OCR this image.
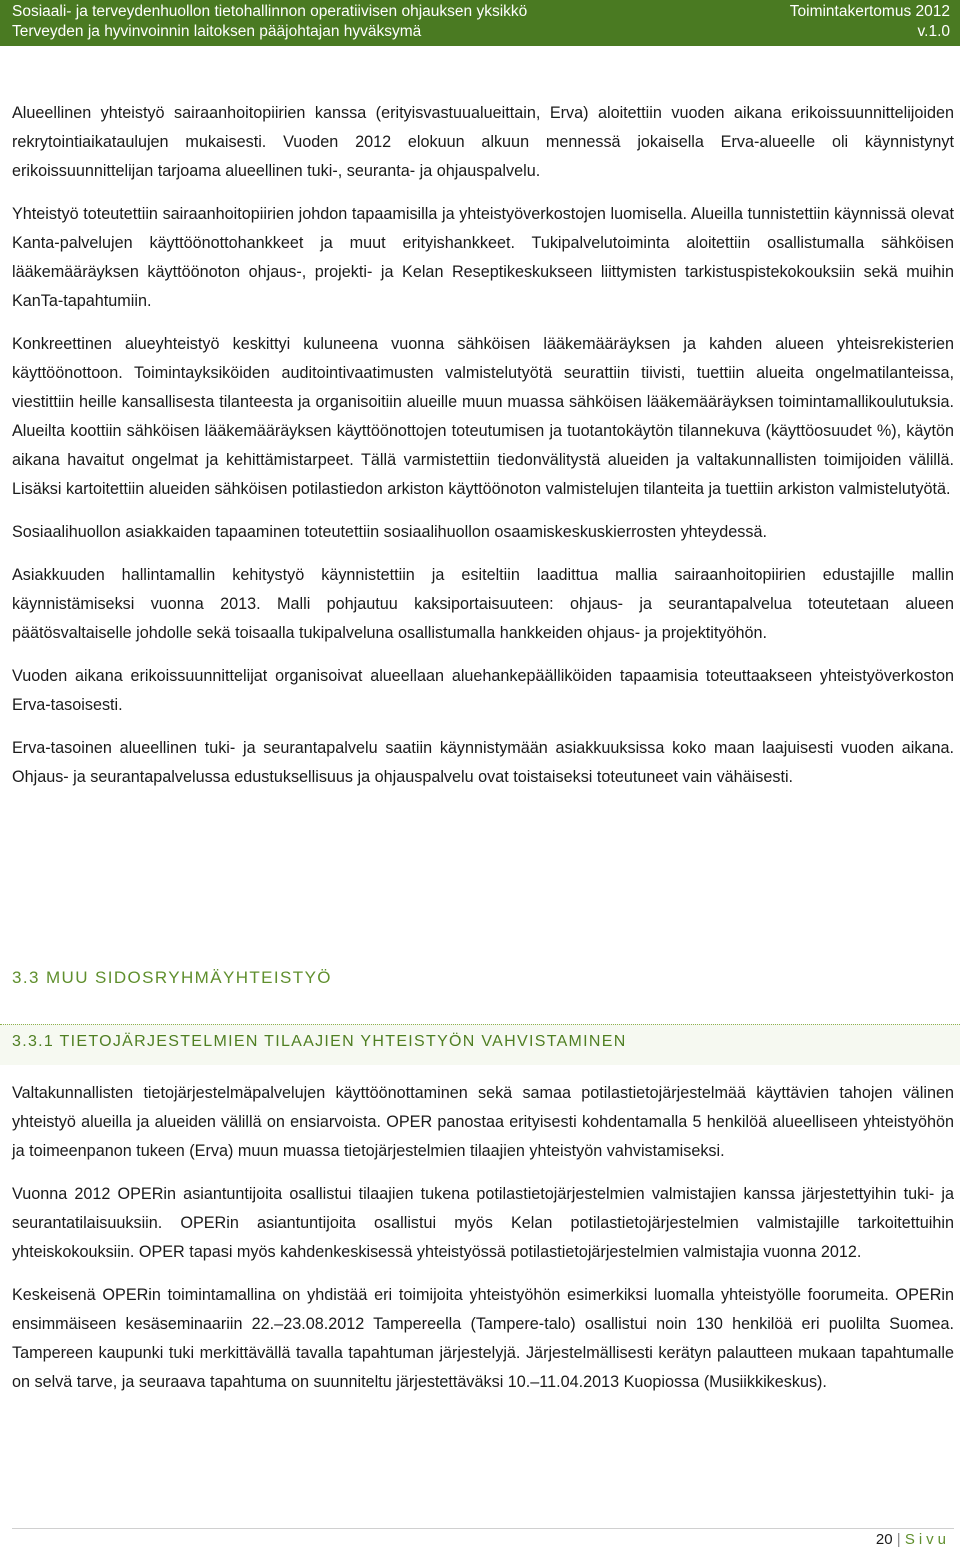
Sosiaali- ja terveydenhuollon tietohallinnon operatiivisen ohjauksen yksikkö
Terveyden ja hyvinvoinnin laitoksen pääjohtajan hyväksymä
Toimintakertomus 2012
v.1.0

Alueellinen yhteistyö sairaanhoitopiirien kanssa (erityisvastuualueittain, Erva) aloitettiin vuoden aikana erikoissuunnittelijoiden rekrytointiaikataulujen mukaisesti. Vuoden 2012 elokuun alkuun mennessä jokaisella Erva-alueelle oli käynnistynyt erikoissuunnittelijan tarjoama alueellinen tuki-, seuranta- ja ohjauspalvelu.

Yhteistyö toteutettiin sairaanhoitopiirien johdon tapaamisilla ja yhteistyöverkostojen luomisella. Alueilla tunnistettiin käynnissä olevat Kanta-palvelujen käyttöönottohankkeet ja muut erityishankkeet. Tukipalvelutoiminta aloitettiin osallistumalla sähköisen lääkemääräyksen käyttöönoton ohjaus-, projekti- ja Kelan Reseptikeskukseen liittymisten tarkistuspistekokouksiin sekä muihin KanTa-tapahtumiin.

Konkreettinen alueyhteistyö keskittyi kuluneena vuonna sähköisen lääkemääräyksen ja kahden alueen yhteisrekisterien käyttöönottoon. Toimintayksiköiden auditointivaatimusten valmistelutyötä seurattiin tiivisti, tuettiin alueita ongelmatilanteissa, viestittiin heille kansallisesta tilanteesta ja organisoitiin alueille muun muassa sähköisen lääkemääräyksen toimintamallikoulutuksia. Alueilta koottiin sähköisen lääkemääräyksen käyttöönottojen toteutumisen ja tuotantokäytön tilannekuva (käyttöosuudet %), käytön aikana havaitut ongelmat ja kehittämistarpeet. Tällä varmistettiin tiedonvälitystä alueiden ja valtakunnallisten toimijoiden välillä. Lisäksi kartoitettiin alueiden sähköisen potilastiedon arkiston käyttöönoton valmistelujen tilanteita ja tuettiin arkiston valmistelutyötä.

Sosiaalihuollon asiakkaiden tapaaminen toteutettiin sosiaalihuollon osaamiskeskuskierrosten yhteydessä.

Asiakkuuden hallintamallin kehitystyö käynnistettiin ja esiteltiin laadittua mallia sairaanhoitopiirien edustajille mallin käynnistämiseksi vuonna 2013. Malli pohjautuu kaksiportaisuuteen: ohjaus- ja seurantapalvelua toteutetaan alueen päätösvaltaiselle johdolle sekä toisaalla tukipalveluna osallistumalla hankkeiden ohjaus- ja projektityöhön.

Vuoden aikana erikoissuunnittelijat organisoivat alueellaan aluehankepäälliköiden tapaamisia toteuttaakseen yhteistyöverkoston Erva-tasoisesti.

Erva-tasoinen alueellinen tuki- ja seurantapalvelu saatiin käynnistymään asiakkuuksissa koko maan laajuisesti vuoden aikana. Ohjaus- ja seurantapalvelussa edustuksellisuus ja ohjauspalvelu ovat toistaiseksi toteutuneet vain vähäisesti.

3.3 MUU SIDOSRYHMÄYHTEISTYÖ
3.3.1 TIETOJÄRJESTELMIEN TILAAJIEN YHTEISTYÖN VAHVISTAMINEN

Valtakunnallisten tietojärjestelmäpalvelujen käyttöönottaminen sekä samaa potilastietojärjestelmää käyttävien tahojen välinen yhteistyö alueilla ja alueiden välillä on ensiarvoista. OPER panostaa erityisesti kohdentamalla 5 henkilöä alueelliseen yhteistyöhön ja toimeenpanon tukeen (Erva) muun muassa tietojärjestelmien tilaajien yhteistyön vahvistamiseksi.

Vuonna 2012 OPERin asiantuntijoita osallistui tilaajien tukena potilastietojärjestelmien valmistajien kanssa järjestettyihin tuki- ja seurantatilaisuuksiin. OPERin asiantuntijoita osallistui myös Kelan potilastietojärjestelmien valmistajille tarkoitettuihin yhteiskokouksiin. OPER tapasi myös kahdenkeskisessä yhteistyössä potilastietojärjestelmien valmistajia vuonna 2012.

Keskeisenä OPERin toimintamallina on yhdistää eri toimijoita yhteistyöhön esimerkiksi luomalla yhteistyölle foorumeita. OPERin ensimmäiseen kesäseminaariin 22.–23.08.2012 Tampereella (Tampere-talo) osallistui noin 130 henkilöä eri puolilta Suomea. Tampereen kaupunki tuki merkittävällä tavalla tapahtuman järjestelyjä. Järjestelmällisesti kerätyn palautteen mukaan tapahtumalle on selvä tarve, ja seuraava tapahtuma on suunniteltu järjestettäväksi 10.–11.04.2013 Kuopiossa (Musiikkikeskus).

20 | Sivu
